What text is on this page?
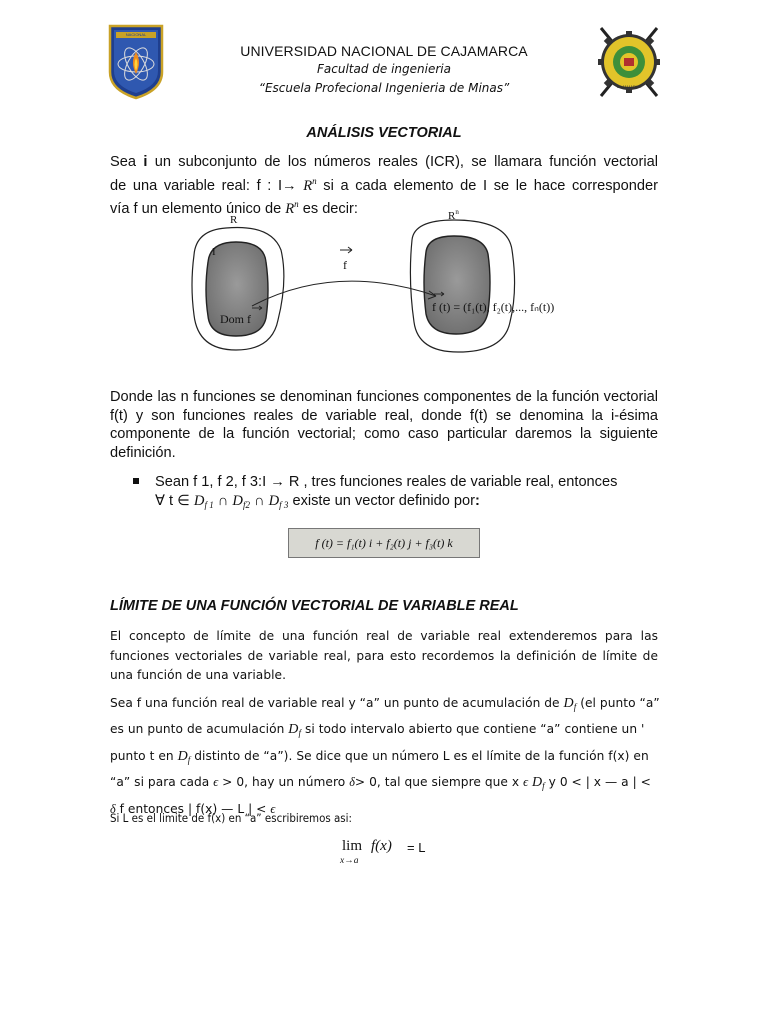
NACIONAL
CAJAMARCA
UNIVERSIDAD NACIONAL DE CAJAMARCA
Facultad de ingenieria
“Escuela Profecional Ingenieria de Minas”
ANÁLISIS VECTORIAL
Sea i un subconjunto de los números reales (ICR), se llamara función vectorial
de una variable real: f : $I\to R^n$ si a cada elemento de I se le hace corresponder
vía f un elemento único de $R^n$ es decir:
R
I
$R^n$
f
Dom f
f (t) = (f₁(t), f₂(t),..., fₙ(t))
Donde las n funciones se denominan funciones componentes de la función vectorial f(t) y son funciones reales de variable real, donde f(t) se denomina la i-ésima componente de la función vectorial; como caso particular daremos la siguiente definición.
Sean f 1, f 2, f 3:I → R , tres funciones reales de variable real, entonces
∀ t ∈ $D_{f 1}$ ∩ $D_{f2}$ ∩ $D_{f 3}$ existe un vector definido por:
f (t) = f₁(t) i + f₂(t) j + f₃(t) k
LÍMITE DE UNA FUNCIÓN VECTORIAL DE VARIABLE REAL
El concepto de límite de una función real de variable real extenderemos para las funciones vectoriales de variable real, para esto recordemos la definición de límite de una función de una variable.
Sea f una función real de variable real y “a” un punto de acumulación de $D_f$ (el punto “a”
es un punto de acumulación $D_f$ si todo intervalo abierto que contiene “a” contiene un '
punto t en $D_f$ distinto de “a”). Se dice que un número L es el límite de la función f(x) en
“a” si para cada ϵ > 0, hay un número δ> 0, tal que siempre que x ϵ $D_f$ y 0 < | x — a | <
δ f entonces | f(x) — L | < ϵ
Si L es el limite de f(x) en “a” escribiremos asi:
lim
x→a
f(x) = L
